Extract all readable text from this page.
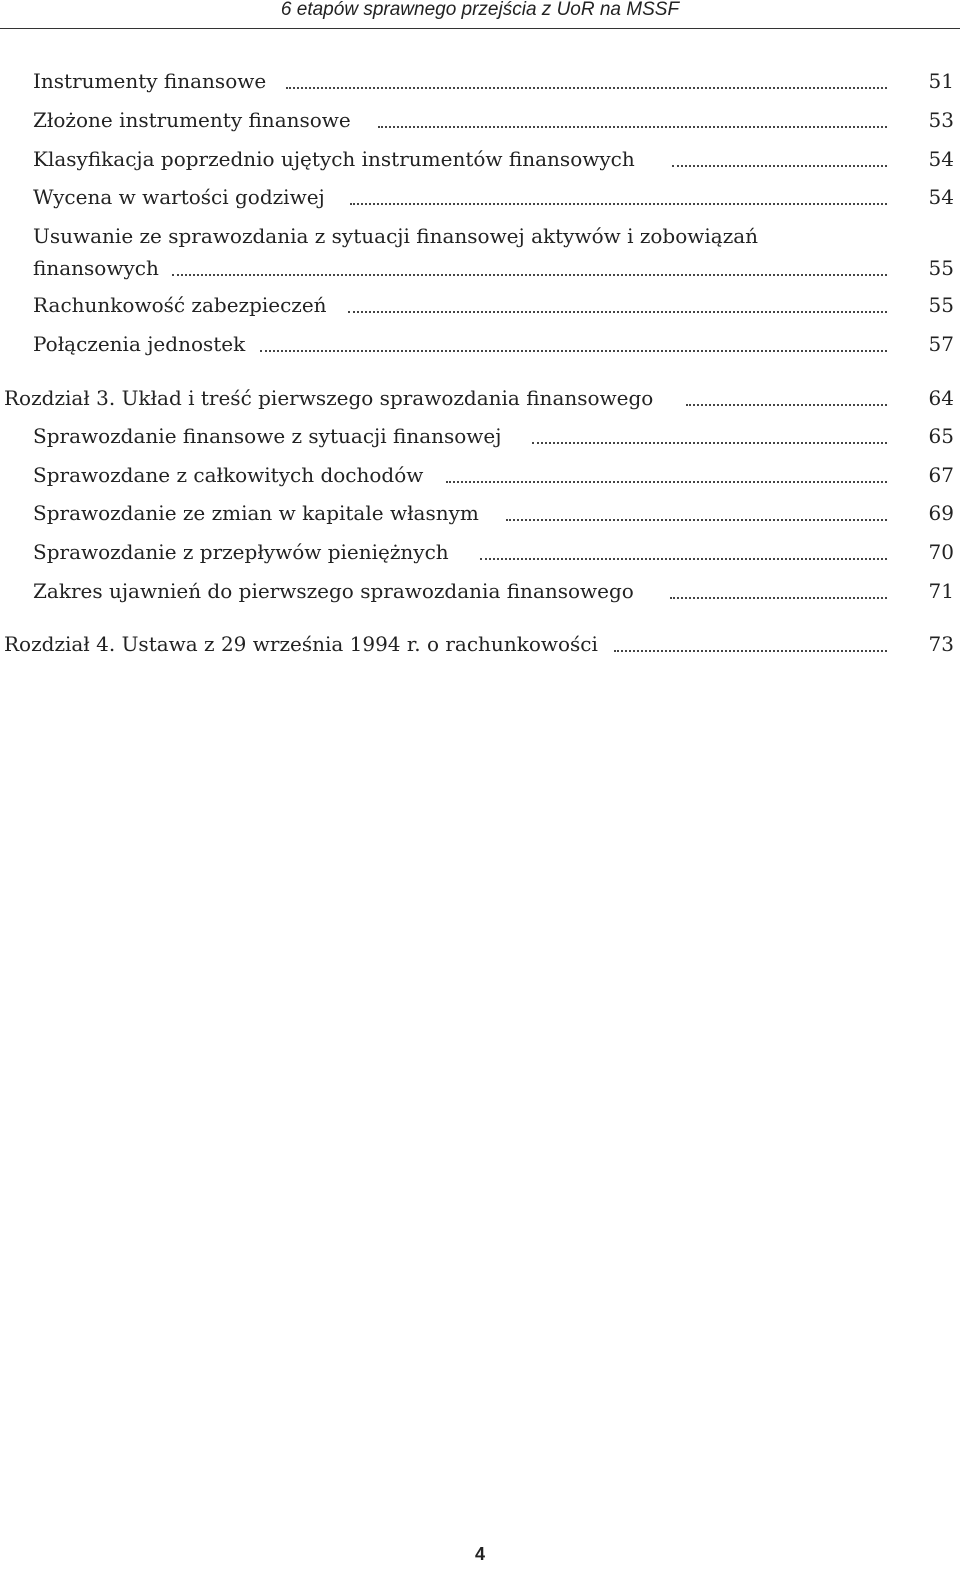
6 etapów sprawnego przejścia z UoR na MSSF
Instrumenty finansowe	51
Złożone instrumenty finansowe	53
Klasyfikacja poprzednio ujętych instrumentów finansowych	54
Wycena w wartości godziwej	54
Usuwanie ze sprawozdania z sytuacji finansowej aktywów i zobowiązań
finansowych	55
Rachunkowość zabezpieczeń	55
Połączenia jednostek	57
Rozdział 3. Układ i treść pierwszego sprawozdania finansowego	64
Sprawozdanie finansowe z sytuacji finansowej	65
Sprawozdane z całkowitych dochodów	67
Sprawozdanie ze zmian w kapitale własnym	69
Sprawozdanie z przepływów pieniężnych	70
Zakres ujawnień do pierwszego sprawozdania finansowego	71
Rozdział 4. Ustawa z 29 września 1994 r. o rachunkowości	73
4
